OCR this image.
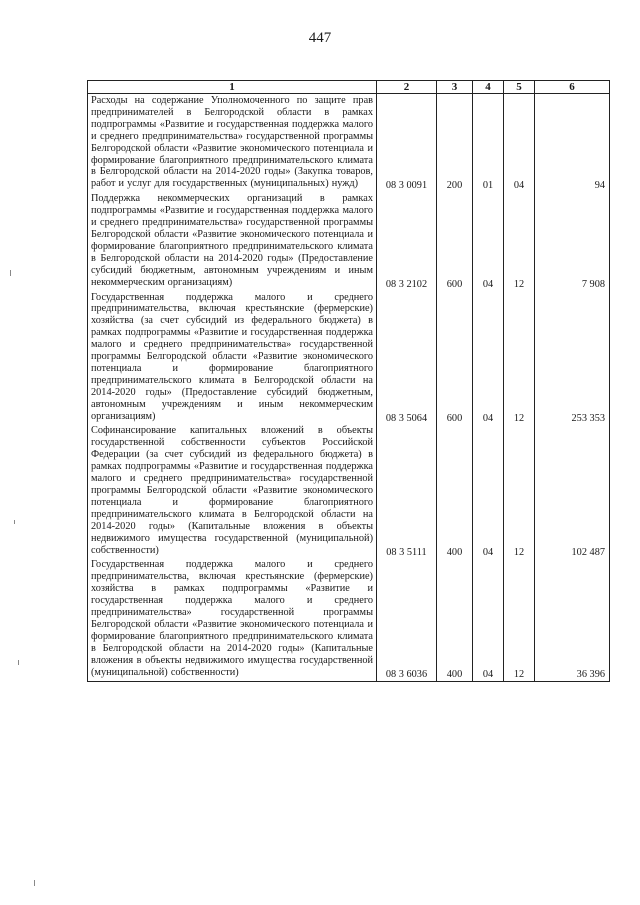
447
1	2	3	4	5	6
Расходы на содержание Уполномоченного по защите прав предпринимателей в Белгородской области в рамках подпрограммы «Развитие и государственная поддержка малого и среднего предпринимательства» государственной программы Белгородской области «Развитие экономического потенциала и формирование благоприятного предпринимательского климата в Белгородской области на 2014-2020 годы» (Закупка товаров, работ и услуг для государственных (муниципальных) нужд)	08 3 0091	200	01	04	94
Поддержка некоммерческих организаций в рамках подпрограммы «Развитие и государственная поддержка малого и среднего предпринимательства» государственной программы Белгородской области «Развитие экономического потенциала и формирование благоприятного предпринимательского климата в Белгородской области на 2014-2020 годы» (Предоставление субсидий бюджетным, автономным учреждениям и иным некоммерческим организациям)	08 3 2102	600	04	12	7 908
Государственная поддержка малого и среднего предпринимательства, включая крестьянские (фермерские) хозяйства (за счет субсидий из федерального бюджета) в рамках подпрограммы «Развитие и государственная поддержка малого и среднего предпринимательства» государственной программы Белгородской области «Развитие экономического потенциала и формирование благоприятного предпринимательского климата в Белгородской области на 2014-2020 годы» (Предоставление субсидий бюджетным, автономным учреждениям и иным некоммерческим организациям)	08 3 5064	600	04	12	253 353
Софинансирование капитальных вложений в объекты государственной собственности субъектов Российской Федерации (за счет субсидий из федерального бюджета) в рамках подпрограммы «Развитие и государственная поддержка малого и среднего предпринимательства» государственной программы Белгородской области «Развитие экономического потенциала и формирование благоприятного предпринимательского климата в Белгородской области на 2014-2020 годы» (Капитальные вложения в объекты недвижимого имущества государственной (муниципальной) собственности)	08 3 5111	400	04	12	102 487
Государственная поддержка малого и среднего предпринимательства, включая крестьянские (фермерские) хозяйства в рамках подпрограммы «Развитие и государственная поддержка малого и среднего предпринимательства» государственной программы Белгородской области «Развитие экономического потенциала и формирование благоприятного предпринимательского климата в Белгородской области на 2014-2020 годы» (Капитальные вложения в объекты недвижимого имущества государственной (муниципальной) собственности)	08 3 6036	400	04	12	36 396
